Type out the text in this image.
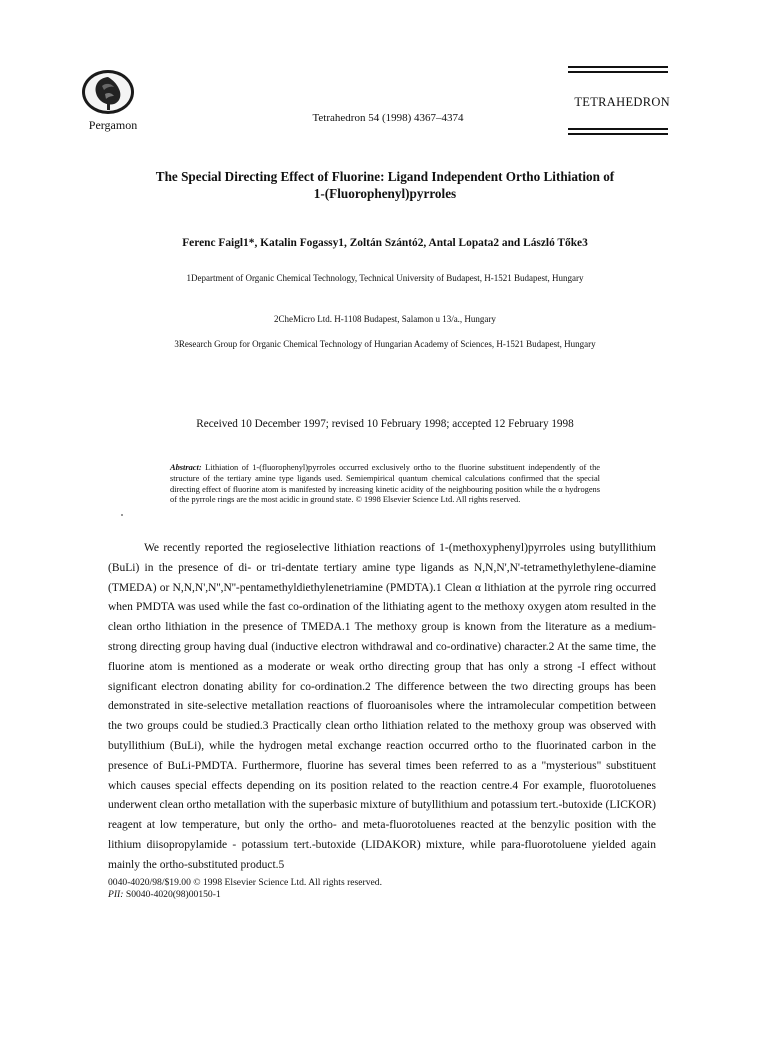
Pergamon	Tetrahedron 54 (1998) 4367–4374
TETRAHEDRON
The Special Directing Effect of Fluorine: Ligand Independent Ortho Lithiation of 1-(Fluorophenyl)pyrroles
Ferenc Faigl1*, Katalin Fogassy1, Zoltán Szántó2, Antal Lopata2 and László Tőke3
1Department of Organic Chemical Technology, Technical University of Budapest, H-1521 Budapest, Hungary
2CheMicro Ltd. H-1108 Budapest, Salamon u 13/a., Hungary
3Research Group for Organic Chemical Technology of Hungarian Academy of Sciences, H-1521 Budapest, Hungary
Received 10 December 1997; revised 10 February 1998; accepted 12 February 1998
Abstract: Lithiation of 1-(fluorophenyl)pyrroles occurred exclusively ortho to the fluorine substituent independently of the structure of the tertiary amine type ligands used. Semiempirical quantum chemical calculations confirmed that the special directing effect of fluorine atom is manifested by increasing kinetic acidity of the neighbouring position while the α hydrogens of the pyrrole rings are the most acidic in ground state. © 1998 Elsevier Science Ltd. All rights reserved.

We recently reported the regioselective lithiation reactions of 1-(methoxyphenyl)pyrroles using butyllithium (BuLi) in the presence of di- or tri-dentate tertiary amine type ligands as N,N,N',N'-tetramethylethylene-diamine (TMEDA) or N,N,N',N'',N''-pentamethyldiethylenetriamine (PMDTA).1 Clean α lithiation at the pyrrole ring occurred when PMDTA was used while the fast co-ordination of the lithiating agent to the methoxy oxygen atom resulted in the clean ortho lithiation in the presence of TMEDA.1 The methoxy group is known from the literature as a medium-strong directing group having dual (inductive electron withdrawal and co-ordinative) character.2 At the same time, the fluorine atom is mentioned as a moderate or weak ortho directing group that has only a strong -I effect without significant electron donating ability for co-ordination.2 The difference between the two directing groups has been demonstrated in site-selective metallation reactions of fluoroanisoles where the intramolecular competition between the two groups could be studied.3 Practically clean ortho lithiation related to the methoxy group was observed with butyllithium (BuLi), while the hydrogen metal exchange reaction occurred ortho to the fluorinated carbon in the presence of BuLi-PMDTA. Furthermore, fluorine has several times been referred to as a "mysterious" substituent which causes special effects depending on its position related to the reaction centre.4 For example, fluorotoluenes underwent clean ortho metallation with the superbasic mixture of butyllithium and potassium tert.-butoxide (LICKOR) reagent at low temperature, but only the ortho- and meta-fluorotoluenes reacted at the benzylic position with the lithium diisopropylamide - potassium tert.-butoxide (LIDAKOR) mixture, while para-fluorotoluene yielded again mainly the ortho-substituted product.5

0040-4020/98/$19.00 © 1998 Elsevier Science Ltd. All rights reserved.
PII: S0040-4020(98)00150-1
